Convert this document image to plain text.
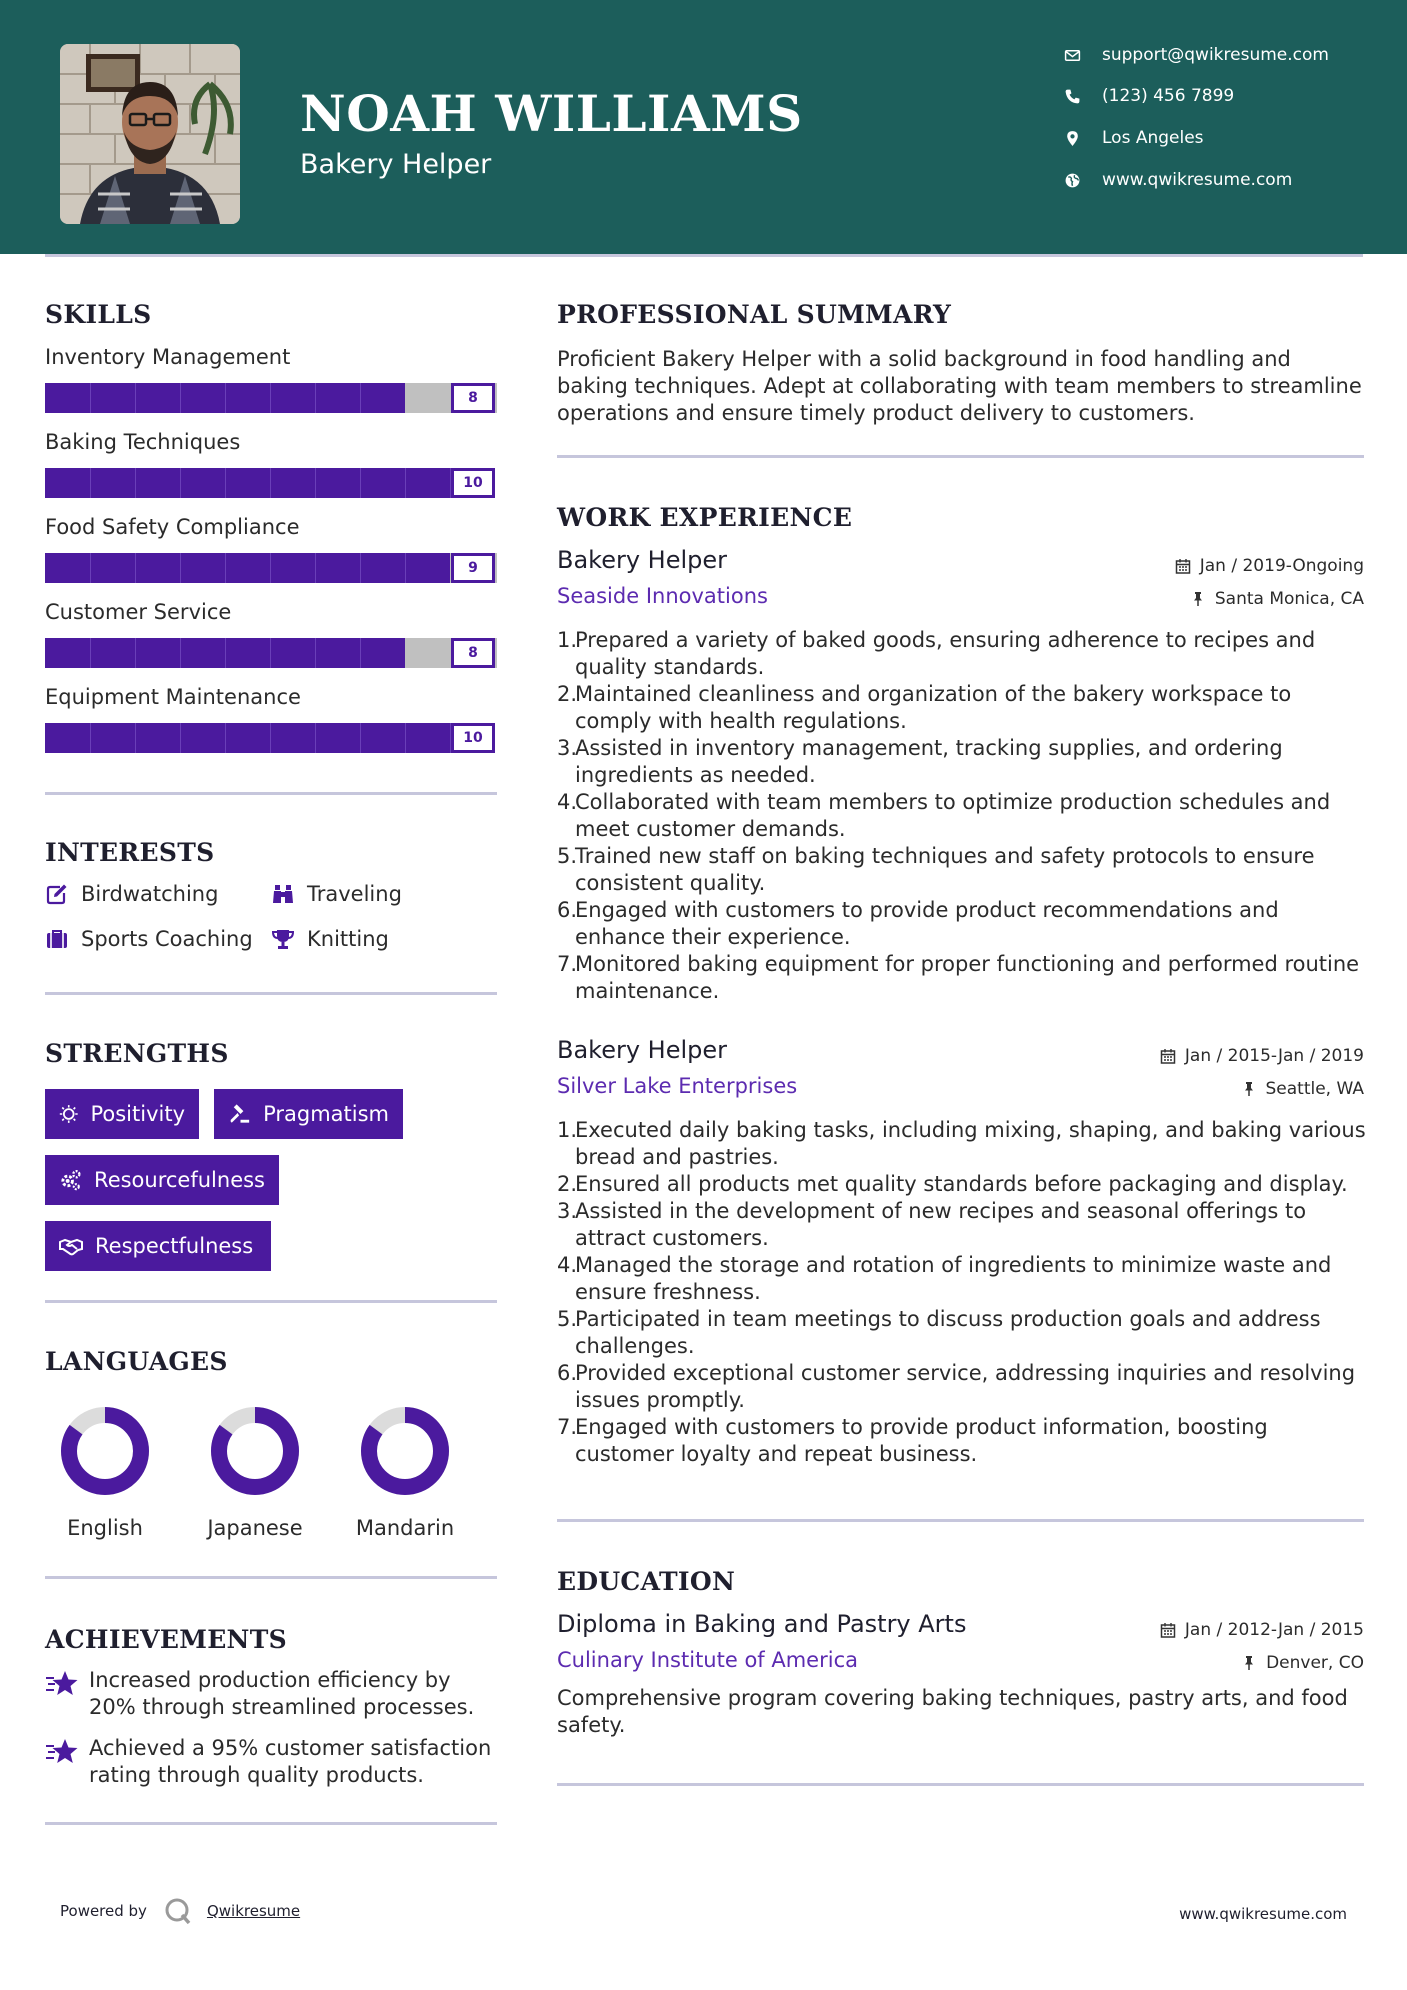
NOAH WILLIAMS
Bakery Helper
support@qwikresume.com
(123) 456 7899
Los Angeles
www.qwikresume.com
SKILLS
Inventory Management
8
Baking Techniques
10
Food Safety Compliance
9
Customer Service
8
Equipment Maintenance
10
INTERESTS
Birdwatching	Traveling
Sports Coaching	Knitting
STRENGTHS
Positivity	Pragmatism
Resourcefulness
Respectfulness
LANGUAGES
English	Japanese	Mandarin
ACHIEVEMENTS
Increased production efficiency by 20% through streamlined processes.
Achieved a 95% customer satisfaction rating through quality products.
PROFESSIONAL SUMMARY
Proficient Bakery Helper with a solid background in food handling and baking techniques. Adept at collaborating with team members to streamline operations and ensure timely product delivery to customers.
WORK EXPERIENCE
Bakery Helper	Jan / 2019-Ongoing
Seaside Innovations	Santa Monica, CA
1.
Prepared a variety of baked goods, ensuring adherence to recipes and quality standards.
2.
Maintained cleanliness and organization of the bakery workspace to comply with health regulations.
3.
Assisted in inventory management, tracking supplies, and ordering ingredients as needed.
4.
Collaborated with team members to optimize production schedules and meet customer demands.
5.
Trained new staff on baking techniques and safety protocols to ensure consistent quality.
6.
Engaged with customers to provide product recommendations and enhance their experience.
7.
Monitored baking equipment for proper functioning and performed routine maintenance.
Bakery Helper	Jan / 2015-Jan / 2019
Silver Lake Enterprises	Seattle, WA
1.
Executed daily baking tasks, including mixing, shaping, and baking various bread and pastries.
2.
Ensured all products met quality standards before packaging and display.
3.
Assisted in the development of new recipes and seasonal offerings to attract customers.
4.
Managed the storage and rotation of ingredients to minimize waste and ensure freshness.
5.
Participated in team meetings to discuss production goals and address challenges.
6.
Provided exceptional customer service, addressing inquiries and resolving issues promptly.
7.
Engaged with customers to provide product information, boosting customer loyalty and repeat business.
EDUCATION
Diploma in Baking and Pastry Arts	Jan / 2012-Jan / 2015
Culinary Institute of America	Denver, CO
Comprehensive program covering baking techniques, pastry arts, and food safety.
Powered by	Qwikresume	www.qwikresume.com
